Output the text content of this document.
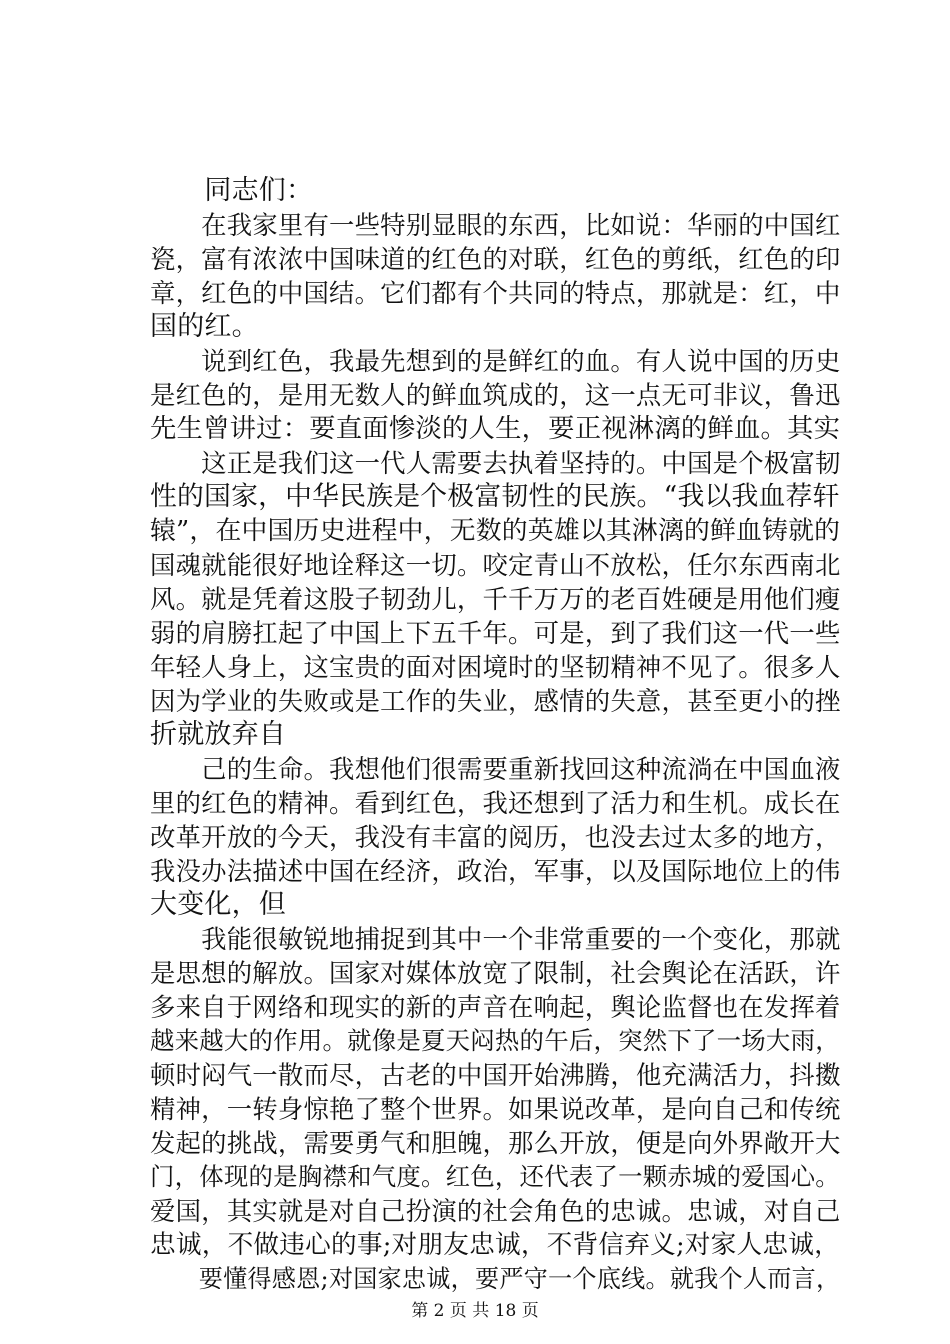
　　同志们：
　　在我家里有一些特别显眼的东西，比如说：华丽的中国红
瓷，富有浓浓中国味道的红色的对联，红色的剪纸，红色的印
章，红色的中国结。它们都有个共同的特点，那就是：红，中
国的红。
　　说到红色，我最先想到的是鲜红的血。有人说中国的历史
是红色的，是用无数人的鲜血筑成的，这一点无可非议，鲁迅
先生曾讲过：要直面惨淡的人生，要正视淋漓的鲜血。其实
　　这正是我们这一代人需要去执着坚持的。中国是个极富韧
性的国家，中华民族是个极富韧性的民族。“我以我血荐轩
辕”，在中国历史进程中，无数的英雄以其淋漓的鲜血铸就的
国魂就能很好地诠释这一切。咬定青山不放松，任尔东西南北
风。就是凭着这股子韧劲儿，千千万万的老百姓硬是用他们瘦
弱的肩膀扛起了中国上下五千年。可是，到了我们这一代一些
年轻人身上，这宝贵的面对困境时的坚韧精神不见了。很多人
因为学业的失败或是工作的失业，感情的失意，甚至更小的挫
折就放弃自
　　己的生命。我想他们很需要重新找回这种流淌在中国血液
里的红色的精神。看到红色，我还想到了活力和生机。成长在
改革开放的今天，我没有丰富的阅历，也没去过太多的地方，
我没办法描述中国在经济，政治，军事，以及国际地位上的伟
大变化，但
　　我能很敏锐地捕捉到其中一个非常重要的一个变化，那就
是思想的解放。国家对媒体放宽了限制，社会舆论在活跃，许
多来自于网络和现实的新的声音在响起，舆论监督也在发挥着
越来越大的作用。就像是夏天闷热的午后，突然下了一场大雨，
顿时闷气一散而尽，古老的中国开始沸腾，他充满活力，抖擞
精神，一转身惊艳了整个世界。如果说改革，是向自己和传统
发起的挑战，需要勇气和胆魄，那么开放，便是向外界敞开大
门，体现的是胸襟和气度。红色，还代表了一颗赤城的爱国心。
爱国，其实就是对自己扮演的社会角色的忠诚。忠诚，对自己
忠诚，不做违心的事;对朋友忠诚，不背信弃义;对家人忠诚，
　　要懂得感恩;对国家忠诚，要严守一个底线。就我个人而言，
第 2 页 共 18 页
